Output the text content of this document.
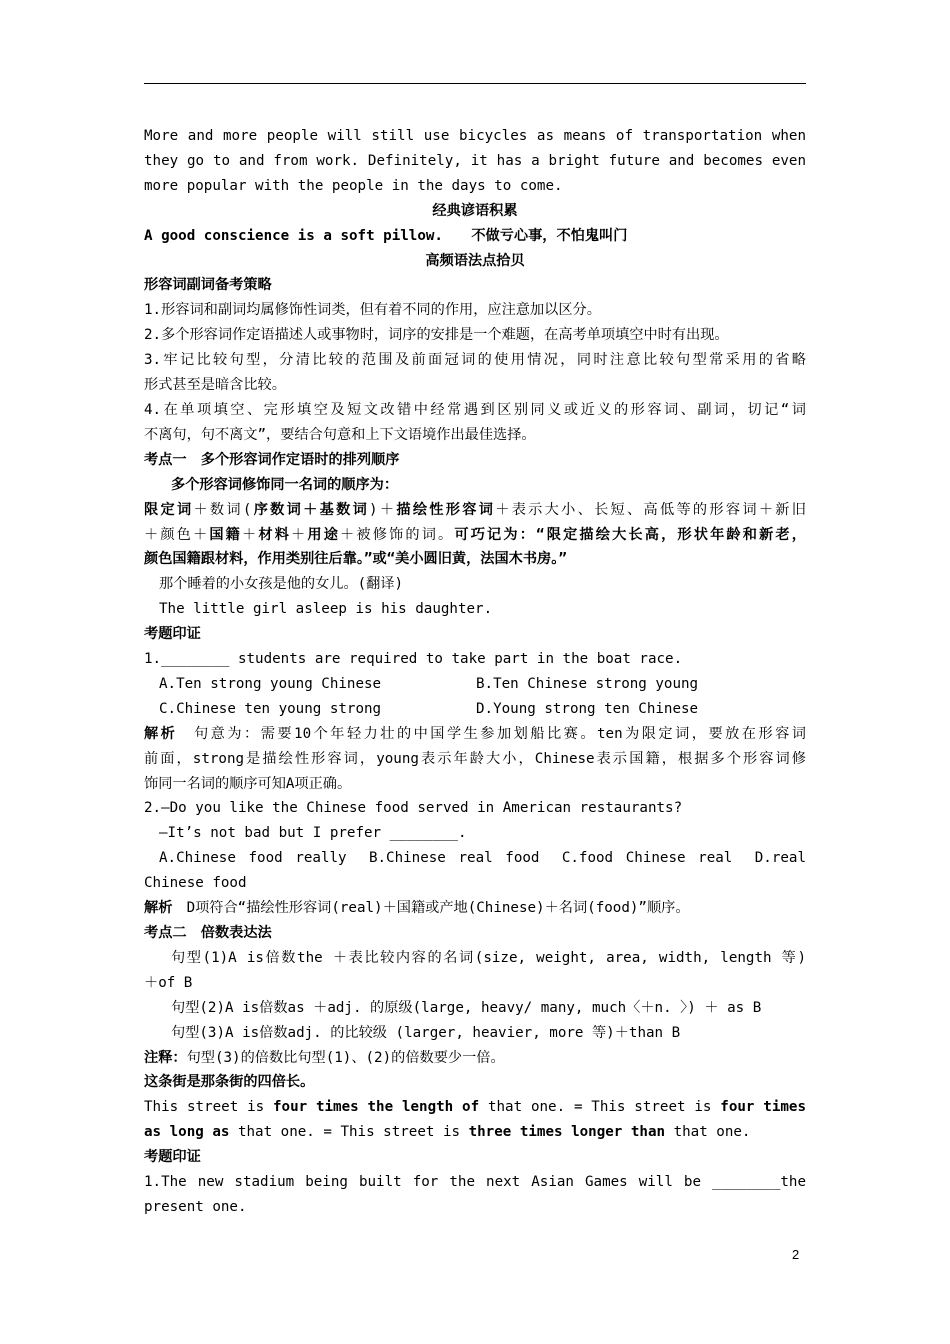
More and more people will still use bicycles as means of transportation when

they go to and from work. Definitely, it has a bright future and becomes even

more popular with the people in the days to come.

经典谚语积累

A good conscience is a soft pillow.　　 不做亏心事，不怕鬼叫门

高频语法点拾贝

形容词副词备考策略

1.形容词和副词均属修饰性词类，但有着不同的作用，应注意加以区分。

2.多个形容词作定语描述人或事物时，词序的安排是一个难题，在高考单项填空中时有出现。

3.牢记比较句型，分清比较的范围及前面冠词的使用情况，同时注意比较句型常采用的省略

形式甚至是暗含比较。

4.在单项填空、完形填空及短文改错中经常遇到区别同义或近义的形容词、副词，切记“词

不离句，句不离文”，要结合句意和上下文语境作出最佳选择。

考点一　多个形容词作定语时的排列顺序

多个形容词修饰同一名词的顺序为：

限定词＋数词(序数词＋基数词)＋描绘性形容词＋表示大小、长短、高低等的形容词＋新旧

＋颜色＋国籍＋材料＋用途＋被修饰的词。可巧记为：“限定描绘大长高，形状年龄和新老，

颜色国籍跟材料，作用类别往后靠。”或“美小圆旧黄，法国木书房。”

那个睡着的小女孩是他的女儿。(翻译)

The little girl asleep is his daughter.

考题印证

1.________ students are required to take part in the boat race.

A.Ten strong young Chinese	B.Ten Chinese strong young

C.Chinese ten young strong	D.Young strong ten Chinese

解析　句意为：需要10个年轻力壮的中国学生参加划船比赛。ten为限定词，要放在形容词

前面，strong是描绘性形容词，young表示年龄大小，Chinese表示国籍，根据多个形容词修

饰同一名词的顺序可知A项正确。

2.—Do you like the Chinese food served in American restaurants?

—It’s not bad but I prefer ________.

A.Chinese food really　B.Chinese real food　C.food Chinese real　D.real

Chinese food

解析　D项符合“描绘性形容词(real)＋国籍或产地(Chinese)＋名词(food)”顺序。

考点二　倍数表达法

句型(1)A is倍数the ＋表比较内容的名词(size, weight, area, width, length 等)

＋of B

句型(2)A is倍数as ＋adj. 的原级(large, heavy/ many, much〈＋n. 〉) ＋ as B

句型(3)A is倍数adj. 的比较级 (larger, heavier, more 等)＋than B

注释：句型(3)的倍数比句型(1)、(2)的倍数要少一倍。

这条街是那条街的四倍长。

This street is four times the length of that one. = This street is four times

as long as that one. = This street is three times longer than that one.

考题印证

1.The new stadium being built for the next Asian Games will be ________the

present one.

2
